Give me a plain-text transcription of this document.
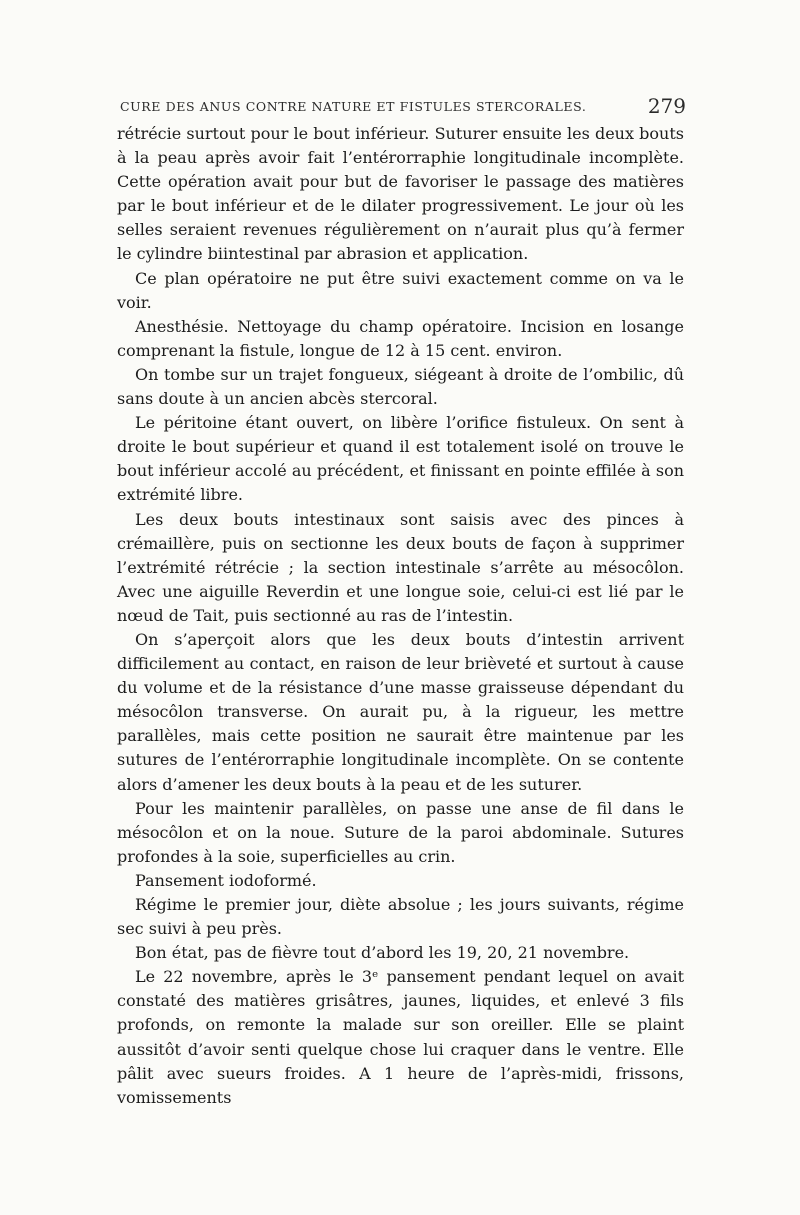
CURE DES ANUS CONTRE NATURE ET FISTULES STERCORALES.	279

rétrécie surtout pour le bout inférieur. Suturer ensuite les deux bouts à la peau après avoir fait l’entérorraphie longitudinale incomplète. Cette opération avait pour but de favoriser le passage des matières par le bout inférieur et de le dilater progressivement. Le jour où les selles seraient revenues régulièrement on n’aurait plus qu’à fermer le cylindre biintestinal par abrasion et application.

Ce plan opératoire ne put être suivi exactement comme on va le voir.

Anesthésie. Nettoyage du champ opératoire. Incision en losange comprenant la fistule, longue de 12 à 15 cent. environ.

On tombe sur un trajet fongueux, siégeant à droite de l’ombilic, dû sans doute à un ancien abcès stercoral.

Le péritoine étant ouvert, on libère l’orifice fistuleux. On sent à droite le bout supérieur et quand il est totalement isolé on trouve le bout inférieur accolé au précédent, et finissant en pointe effilée à son extrémité libre.

Les deux bouts intestinaux sont saisis avec des pinces à crémaillère, puis on sectionne les deux bouts de façon à supprimer l’extrémité rétrécie ; la section intestinale s’arrête au mésocôlon. Avec une aiguille Reverdin et une longue soie, celui-ci est lié par le nœud de Tait, puis sectionné au ras de l’intestin.

On s’aperçoit alors que les deux bouts d’intestin arrivent difficilement au contact, en raison de leur brièveté et surtout à cause du volume et de la résistance d’une masse graisseuse dépendant du mésocôlon transverse. On aurait pu, à la rigueur, les mettre parallèles, mais cette position ne saurait être maintenue par les sutures de l’entérorraphie longitudinale incomplète. On se contente alors d’amener les deux bouts à la peau et de les suturer.

Pour les maintenir parallèles, on passe une anse de fil dans le mésocôlon et on la noue. Suture de la paroi abdominale. Sutures profondes à la soie, superficielles au crin.

Pansement iodoformé.

Régime le premier jour, diète absolue ; les jours suivants, régime sec suivi à peu près.

Bon état, pas de fièvre tout d’abord les 19, 20, 21 novembre.

Le 22 novembre, après le 3ᵉ pansement pendant lequel on avait constaté des matières grisâtres, jaunes, liquides, et enlevé 3 fils profonds, on remonte la malade sur son oreiller. Elle se plaint aussitôt d’avoir senti quelque chose lui craquer dans le ventre. Elle pâlit avec sueurs froides. A 1 heure de l’après-midi, frissons, vomissements
